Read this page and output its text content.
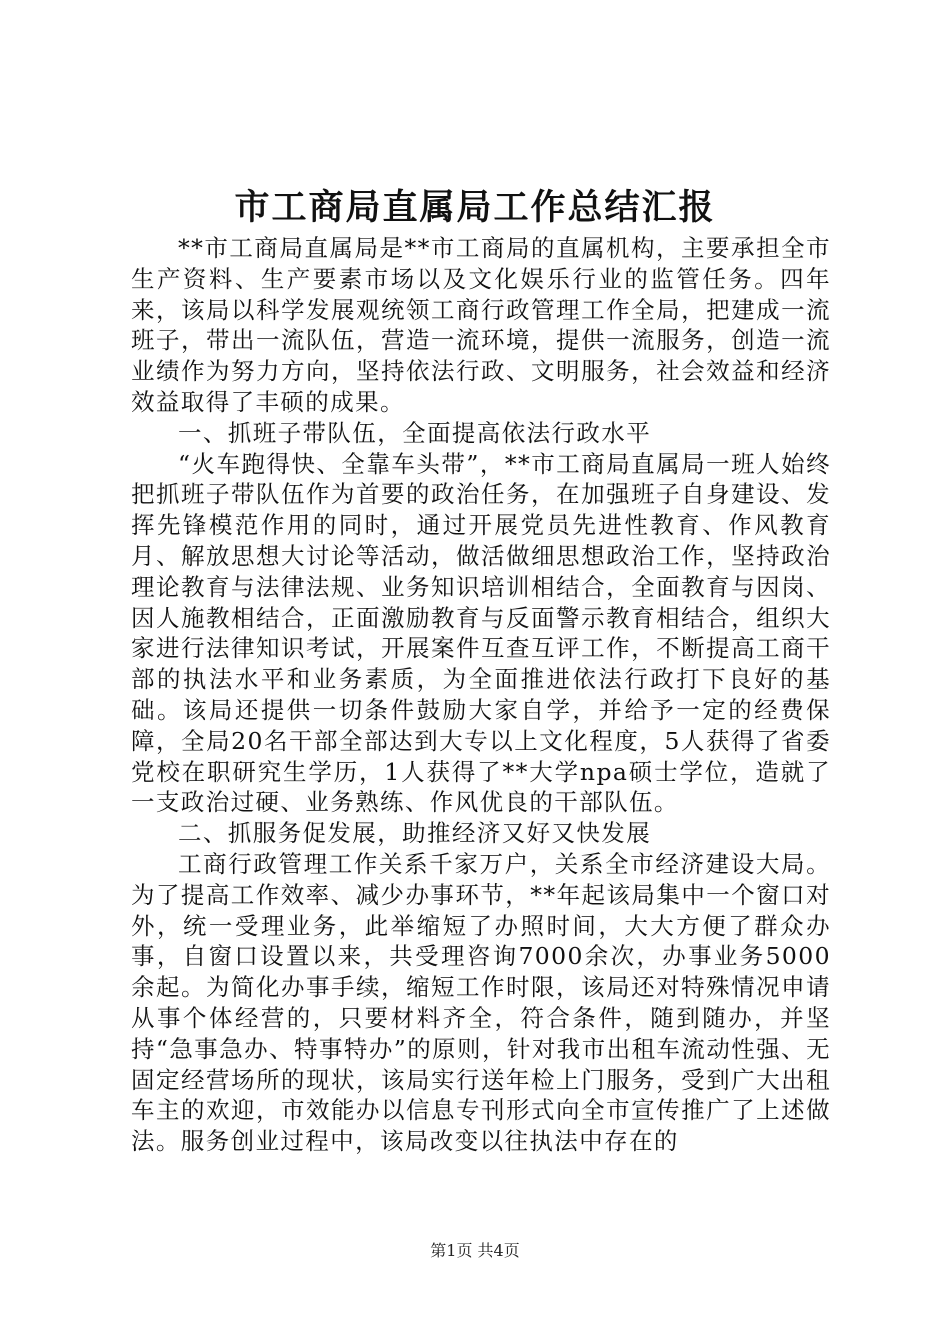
市工商局直属局工作总结汇报

**市工商局直属局是**市工商局的直属机构，主要承担全市生产资料、生产要素市场以及文化娱乐行业的监管任务。四年来，该局以科学发展观统领工商行政管理工作全局，把建成一流班子，带出一流队伍，营造一流环境，提供一流服务，创造一流业绩作为努力方向，坚持依法行政、文明服务，社会效益和经济效益取得了丰硕的成果。

一、抓班子带队伍，全面提高依法行政水平

“火车跑得快、全靠车头带”，**市工商局直属局一班人始终把抓班子带队伍作为首要的政治任务，在加强班子自身建设、发挥先锋模范作用的同时，通过开展党员先进性教育、作风教育月、解放思想大讨论等活动，做活做细思想政治工作，坚持政治理论教育与法律法规、业务知识培训相结合，全面教育与因岗、因人施教相结合，正面激励教育与反面警示教育相结合，组织大家进行法律知识考试，开展案件互查互评工作，不断提高工商干部的执法水平和业务素质，为全面推进依法行政打下良好的基础。该局还提供一切条件鼓励大家自学，并给予一定的经费保障，全局20名干部全部达到大专以上文化程度，5人获得了省委党校在职研究生学历，1人获得了**大学npa硕士学位，造就了一支政治过硬、业务熟练、作风优良的干部队伍。

二、抓服务促发展，助推经济又好又快发展

工商行政管理工作关系千家万户，关系全市经济建设大局。为了提高工作效率、减少办事环节，**年起该局集中一个窗口对外，统一受理业务，此举缩短了办照时间，大大方便了群众办事，自窗口设置以来，共受理咨询7000余次，办事业务5000余起。为简化办事手续，缩短工作时限，该局还对特殊情况申请从事个体经营的，只要材料齐全，符合条件，随到随办，并坚持“急事急办、特事特办”的原则，针对我市出租车流动性强、无固定经营场所的现状，该局实行送年检上门服务，受到广大出租车主的欢迎，市效能办以信息专刊形式向全市宣传推广了上述做法。服务创业过程中，该局改变以往执法中存在的

第1页 共4页
